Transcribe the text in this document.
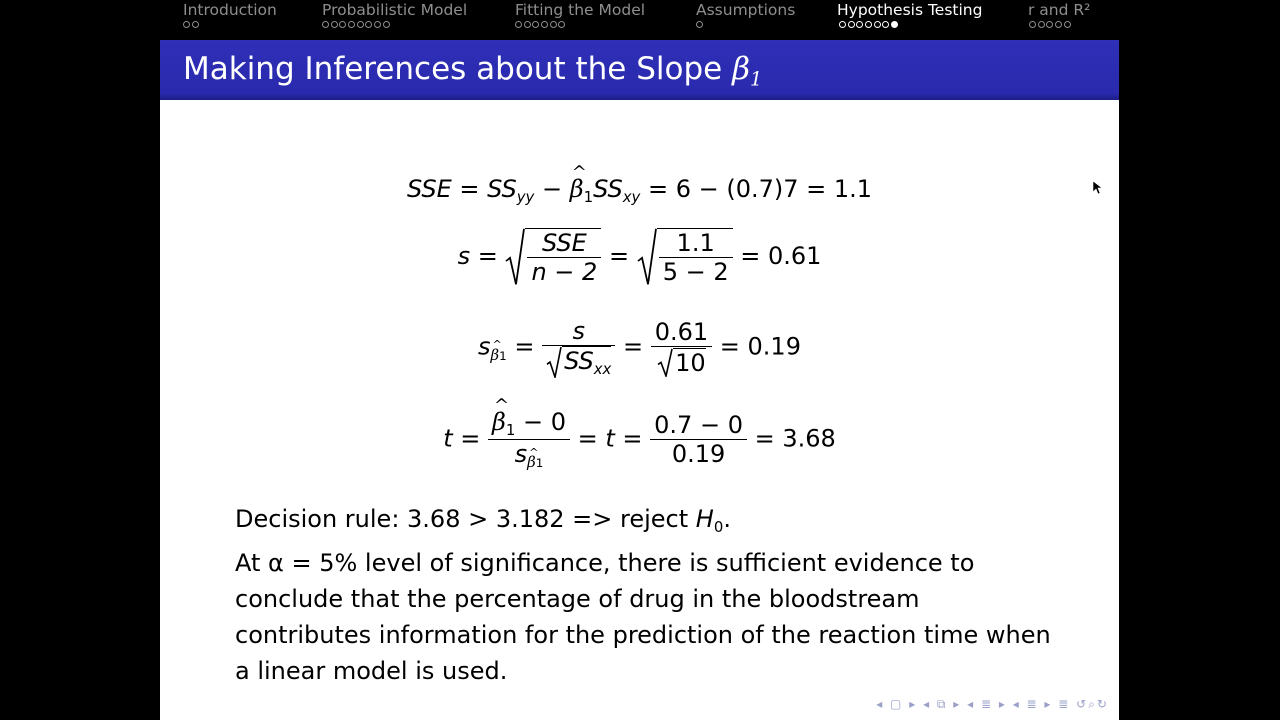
Introduction	Probabilistic Model	Fitting the Model	Assumptions	Hypothesis Testing	r and R²
Making Inferences about the Slope $\beta_1$
SSE = $SS_{yy}$ − ^ $\beta_1SS_{xy} = 6 - (0.7)7 = 1.1$
$s = \frac{\text{SSE}}{n - 2} = \frac{1.1}{5 - 2} = 0.61$
s^ $_{\beta 1} = \frac{s}{SS_{xx}} = \frac{0.61}{10} = 0.19$
t =
^ $\frac{\beta_1 - 0}{s\^{} _{\beta 1}} = t = \frac{0.7 - 0}{0.19} = 3.68$
Decision rule: 3.68 > 3.182 => reject $H_0$.
At α = 5% level of significance, there is sufficient evidence to
conclude that the percentage of drug in the bloodstream
contributes information for the prediction of the reaction time when
a linear model is used.
◂ ▢ ▸ ◂ ⧉ ▸ ◂ ≣ ▸ ◂ ≣ ▸ ≣ ↺⌕↻
